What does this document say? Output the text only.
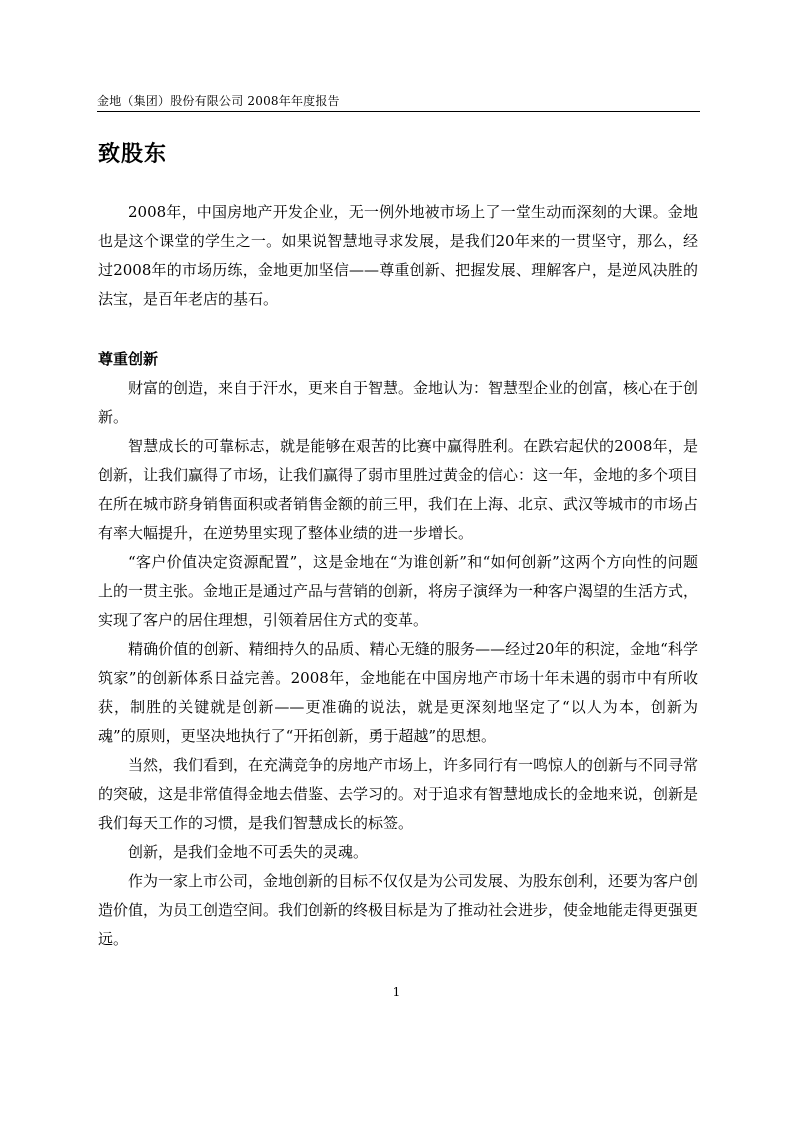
金地（集团）股份有限公司 2008年年度报告
致股东

2008年，中国房地产开发企业，无一例外地被市场上了一堂生动而深刻的大课。金地也是这个课堂的学生之一。如果说智慧地寻求发展，是我们20年来的一贯坚守，那么，经过2008年的市场历练，金地更加坚信——尊重创新、把握发展、理解客户，是逆风决胜的法宝，是百年老店的基石。

尊重创新

财富的创造，来自于汗水，更来自于智慧。金地认为：智慧型企业的创富，核心在于创新。

智慧成长的可靠标志，就是能够在艰苦的比赛中赢得胜利。在跌宕起伏的2008年，是创新，让我们赢得了市场，让我们赢得了弱市里胜过黄金的信心：这一年，金地的多个项目在所在城市跻身销售面积或者销售金额的前三甲，我们在上海、北京、武汉等城市的市场占有率大幅提升，在逆势里实现了整体业绩的进一步增长。

“客户价值决定资源配置”，这是金地在“为谁创新”和“如何创新”这两个方向性的问题上的一贯主张。金地正是通过产品与营销的创新，将房子演绎为一种客户渴望的生活方式，实现了客户的居住理想，引领着居住方式的变革。

精确价值的创新、精细持久的品质、精心无缝的服务——经过20年的积淀，金地“科学筑家”的创新体系日益完善。2008年，金地能在中国房地产市场十年未遇的弱市中有所收获，制胜的关键就是创新——更准确的说法，就是更深刻地坚定了“以人为本，创新为魂”的原则，更坚决地执行了“开拓创新，勇于超越”的思想。

当然，我们看到，在充满竞争的房地产市场上，许多同行有一鸣惊人的创新与不同寻常的突破，这是非常值得金地去借鉴、去学习的。对于追求有智慧地成长的金地来说，创新是我们每天工作的习惯，是我们智慧成长的标签。

创新，是我们金地不可丢失的灵魂。

作为一家上市公司，金地创新的目标不仅仅是为公司发展、为股东创利，还要为客户创造价值，为员工创造空间。我们创新的终极目标是为了推动社会进步，使金地能走得更强更远。

1
